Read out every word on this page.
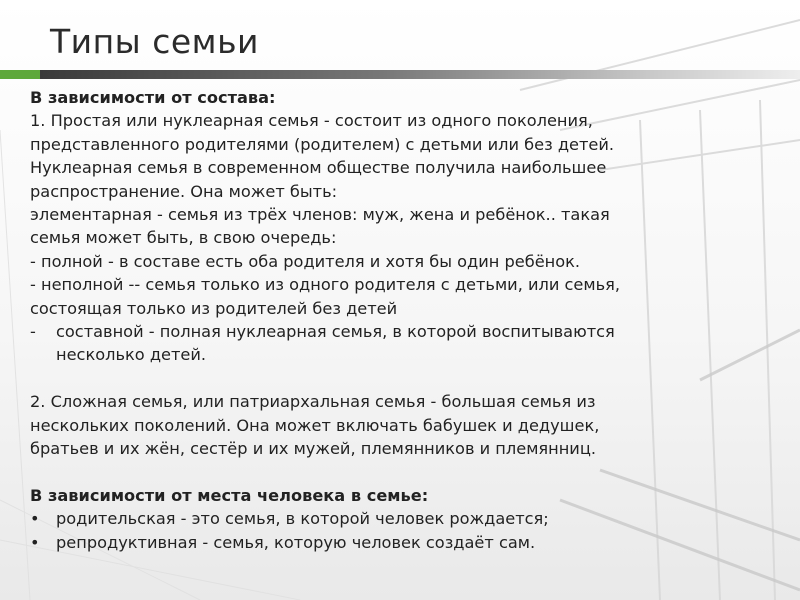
Типы семьи
В зависимости от состава:
1. Простая или нуклеарная семья - состоит из одного поколения,
представленного родителями (родителем) с детьми или без детей.
Нуклеарная семья в современном обществе получила наибольшее
распространение. Она может быть:
элементарная - семья из трёх членов: муж, жена и ребёнок.. такая
семья может быть, в свою очередь:
- полной - в составе есть оба родителя и хотя бы один ребёнок.
- неполной -- семья только из одного родителя с детьми, или семья,
состоящая только из родителей без детей
-	составной - полная нуклеарная семья, в которой воспитываются
несколько детей.
2. Сложная семья, или патриархальная семья - большая семья из
нескольких поколений. Она может включать бабушек и дедушек,
братьев и их жён, сестёр и их мужей, племянников и племянниц.
В зависимости от места человека в семье:
•	родительская - это семья, в которой человек рождается;
•	репродуктивная - семья, которую человек создаёт сам.
